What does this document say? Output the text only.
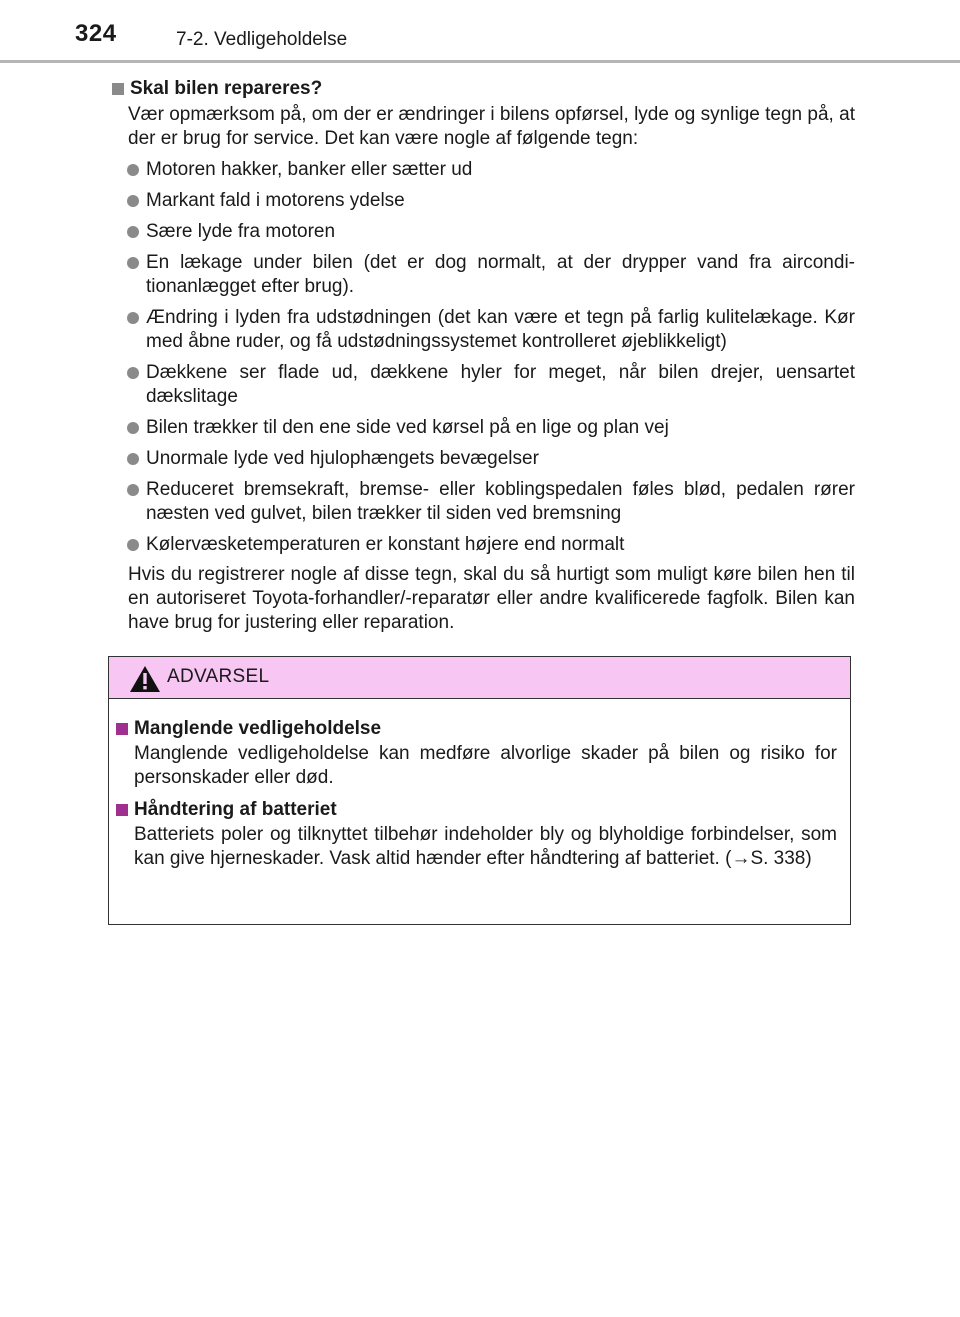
324	7-2. Vedligeholdelse
Skal bilen repareres?
Vær opmærksom på, om der er ændringer i bilens opførsel, lyde og synlige tegn på, at der er brug for service. Det kan være nogle af følgende tegn:
Motoren hakker, banker eller sætter ud
Markant fald i motorens ydelse
Sære lyde fra motoren
En lækage under bilen (det er dog normalt, at der drypper vand fra aircondi-tionanlægget efter brug).
Ændring i lyden fra udstødningen (det kan være et tegn på farlig kulitelækage. Kør med åbne ruder, og få udstødningssystemet kontrolleret øjeblikkeligt)
Dækkene ser flade ud, dækkene hyler for meget, når bilen drejer, uensartet dækslitage
Bilen trækker til den ene side ved kørsel på en lige og plan vej
Unormale lyde ved hjulophængets bevægelser
Reduceret bremsekraft, bremse- eller koblingspedalen føles blød, pedalen rører næsten ved gulvet, bilen trækker til siden ved bremsning
Kølervæsketemperaturen er konstant højere end normalt
Hvis du registrerer nogle af disse tegn, skal du så hurtigt som muligt køre bilen hen til en autoriseret Toyota-forhandler/-reparatør eller andre kvalificerede fagfolk. Bilen kan have brug for justering eller reparation.
ADVARSEL
Manglende vedligeholdelse
Manglende vedligeholdelse kan medføre alvorlige skader på bilen og risiko for personskader eller død.
Håndtering af batteriet
Batteriets poler og tilknyttet tilbehør indeholder bly og blyholdige forbindelser, som kan give hjerneskader. Vask altid hænder efter håndtering af batteriet. (→S. 338)
